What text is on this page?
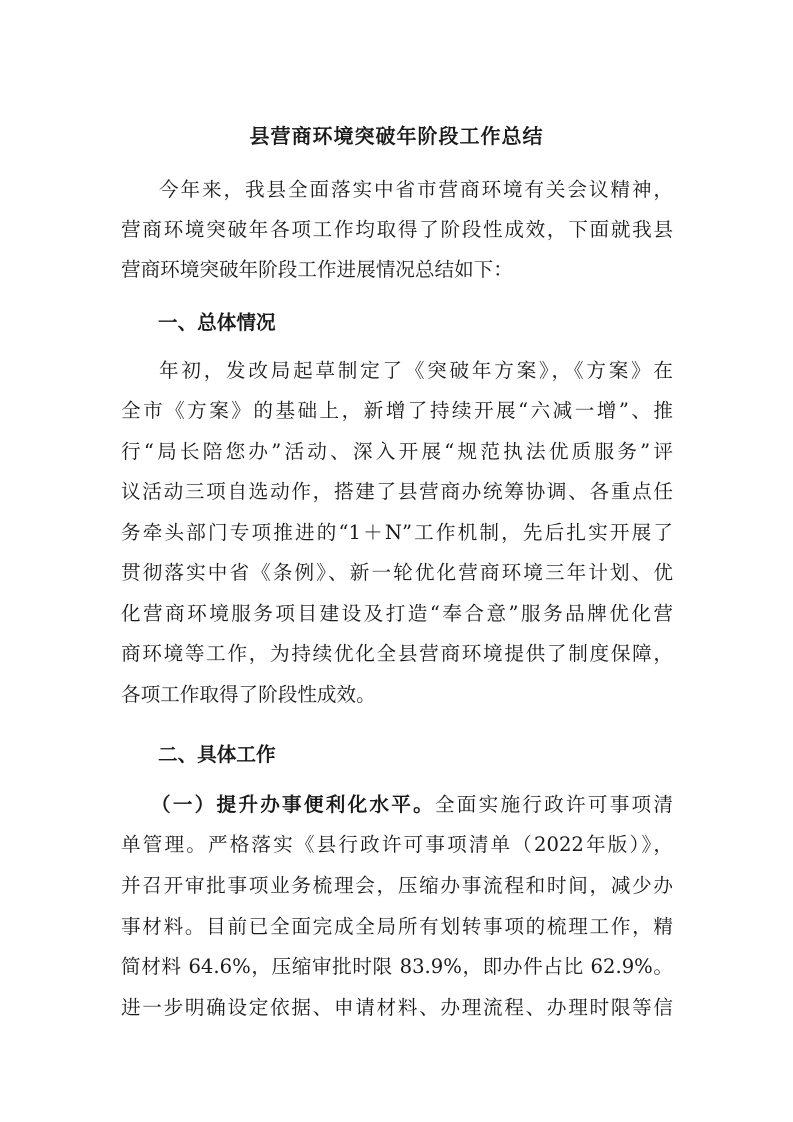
县营商环境突破年阶段工作总结
今年来，我县全面落实中省市营商环境有关会议精神，
营商环境突破年各项工作均取得了阶段性成效，下面就我县
营商环境突破年阶段工作进展情况总结如下：
一、总体情况
年初，发改局起草制定了《突破年方案》，《方案》在
全市《方案》的基础上，新增了持续开展“六减一增”、推
行“局长陪您办”活动、深入开展“规范执法优质服务”评
议活动三项自选动作，搭建了县营商办统筹协调、各重点任
务牵头部门专项推进的“1＋N”工作机制，先后扎实开展了
贯彻落实中省《条例》、新一轮优化营商环境三年计划、优
化营商环境服务项目建设及打造“奉合意”服务品牌优化营
商环境等工作，为持续优化全县营商环境提供了制度保障，
各项工作取得了阶段性成效。
二、具体工作
（一）提升办事便利化水平。全面实施行政许可事项清
单管理。严格落实《县行政许可事项清单（2022年版）》，
并召开审批事项业务梳理会，压缩办事流程和时间，减少办
事材料。目前已全面完成全局所有划转事项的梳理工作，精
简材料 64.6%，压缩审批时限 83.9%，即办件占比 62.9%。
进一步明确设定依据、申请材料、办理流程、办理时限等信
